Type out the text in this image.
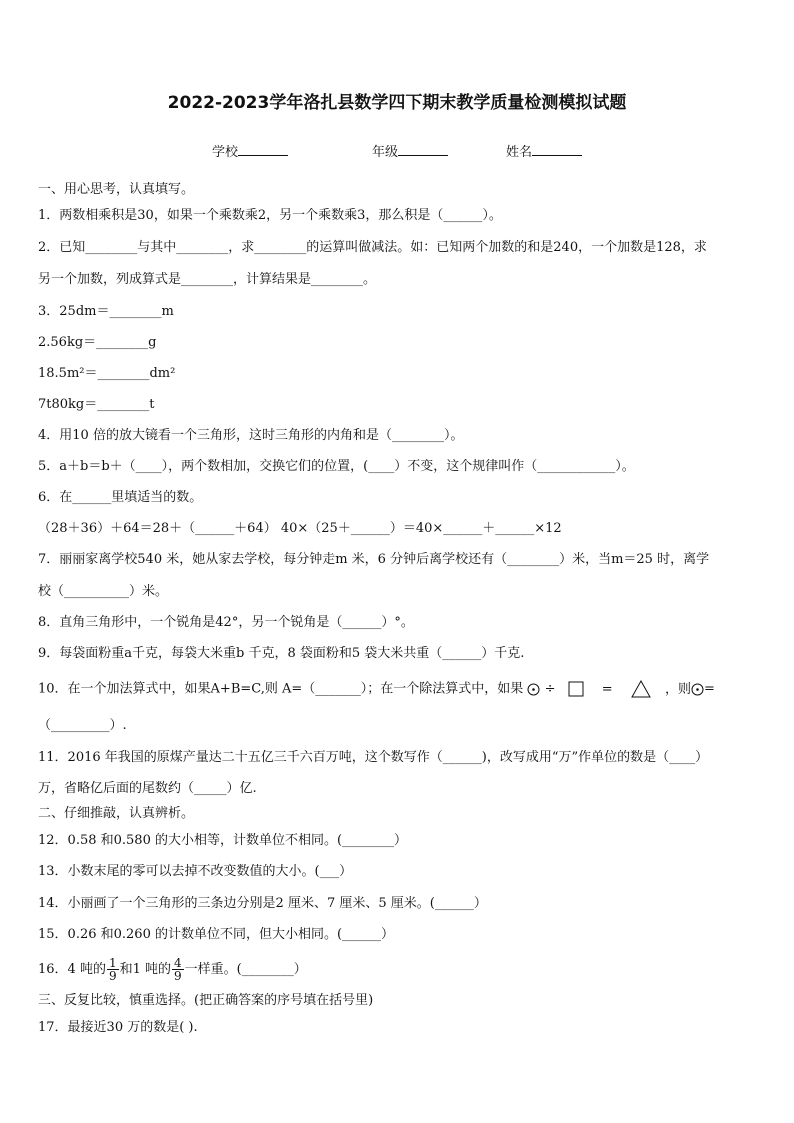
2022-2023学年洛扎县数学四下期末教学质量检测模拟试题
学校	年级	姓名
一、用心思考，认真填写。
1．两数相乘积是30，如果一个乘数乘2，另一个乘数乘3，那么积是（______）。
2．已知________与其中________，求________的运算叫做减法。如：已知两个加数的和是240，一个加数是128，求
另一个加数，列成算式是________，计算结果是________。
3．25dm＝________m
2.56kg＝________g
18.5m²＝________dm²
7t80kg＝________t
4．用10 倍的放大镜看一个三角形，这时三角形的内角和是（________）。
5．a＋b＝b＋（____），两个数相加，交换它们的位置，(____）不变，这个规律叫作（____________）。
6．在______里填适当的数。
（28＋36）＋64＝28＋（______＋64） 40×（25＋______）＝40×______＋______×12
7．丽丽家离学校540 米，她从家去学校，每分钟走m 米，6 分钟后离学校还有（________）米，当m＝25 时，离学
校（__________）米。
8．直角三角形中，一个锐角是42°，另一个锐角是（______）°。
9．每袋面粉重a千克，每袋大米重b 千克，8 袋面粉和5 袋大米共重（______）千克.
10．在一个加法算式中，如果A+B=C,则 A=（_______）；在一个除法算式中，如果 ÷	=	，则 =
（_________）.
11．2016 年我国的原煤产量达二十五亿三千六百万吨，这个数写作（______)，改写成用“万”作单位的数是（____）
万，省略亿后面的尾数约（_____）亿.
二、仔细推敲，认真辨析。
12．0.58 和0.580 的大小相等，计数单位不相同。(________）
13．小数末尾的零可以去掉不改变数值的大小。(___）
14．小丽画了一个三角形的三条边分别是2 厘米、7 厘米、5 厘米。(______）
15．0.26 和0.260 的计数单位不同，但大小相同。(______）
16．4 吨的 $\frac{1}{9}$ 和1 吨的 $\frac{4}{9}$ 一样重。(________）
三、反复比较，慎重选择。(把正确答案的序号填在括号里)
17．最接近30 万的数是( ).
